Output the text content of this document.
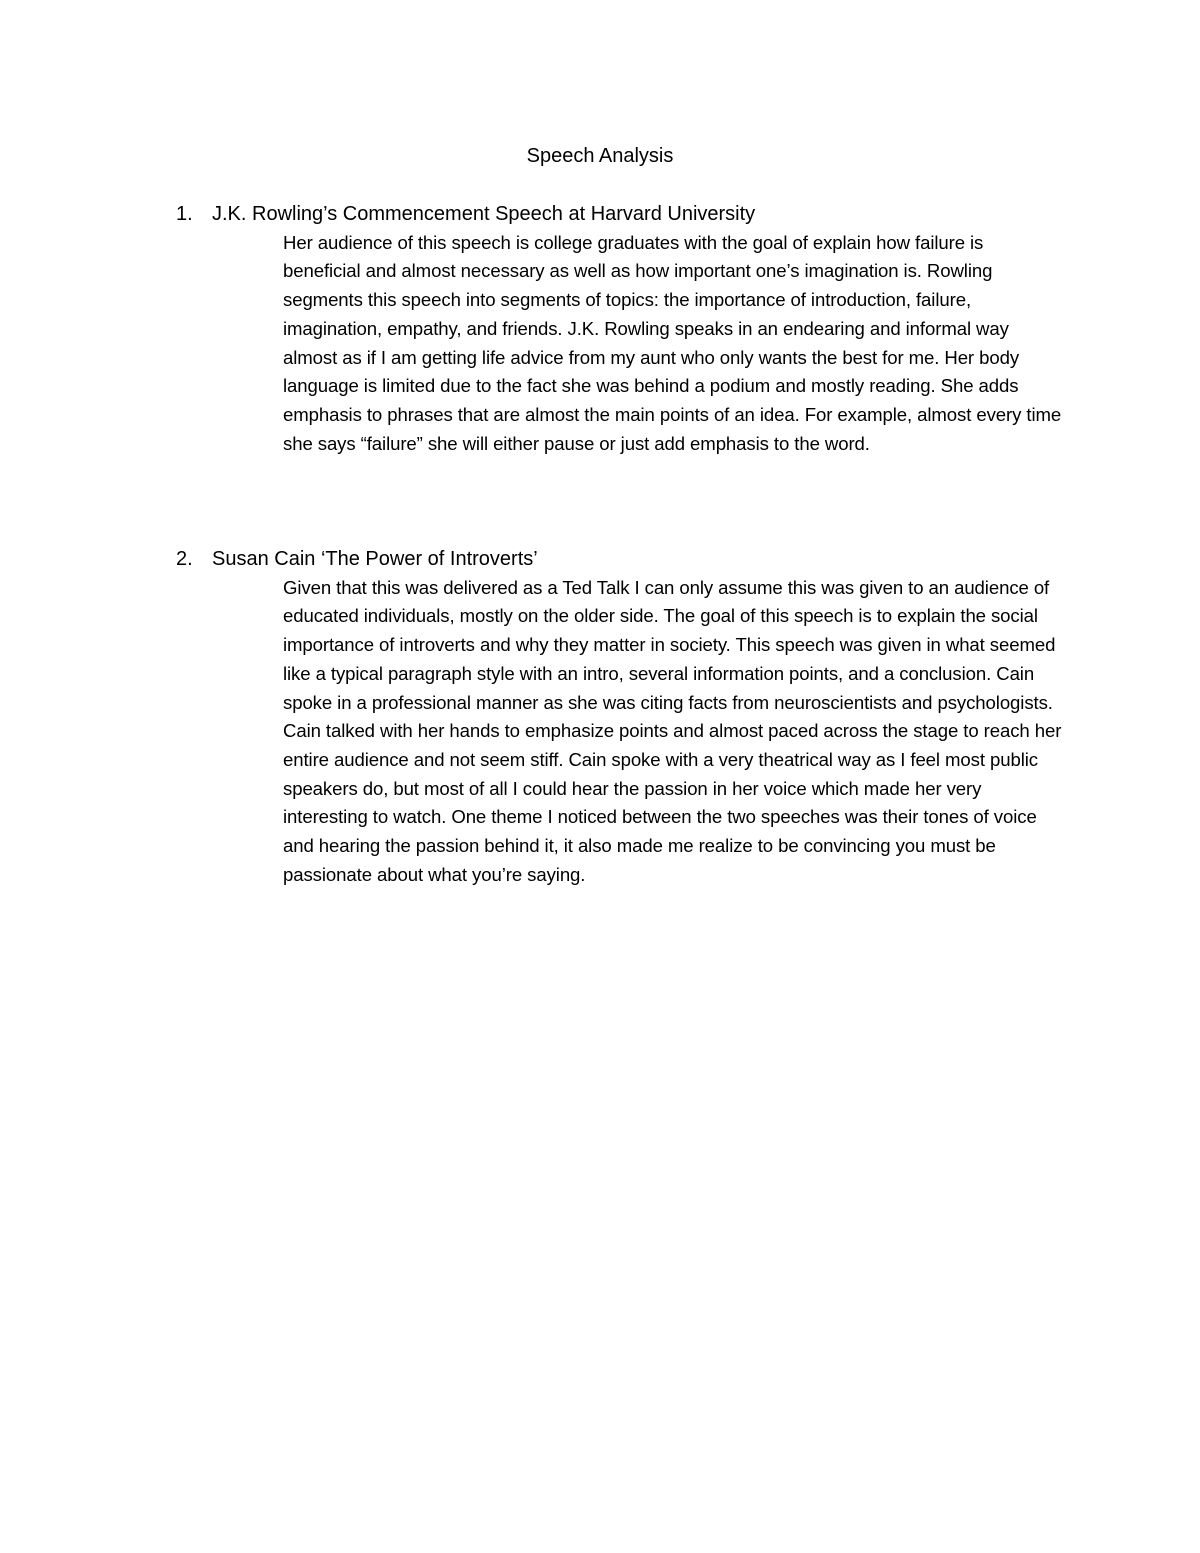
Speech Analysis
1. J.K. Rowling’s Commencement Speech at Harvard University

Her audience of this speech is college graduates with the goal of explain how failure is beneficial and almost necessary as well as how important one’s imagination is. Rowling segments this speech into segments of topics: the importance of introduction, failure, imagination, empathy, and friends. J.K. Rowling speaks in an endearing and informal way almost as if I am getting life advice from my aunt who only wants the best for me. Her body language is limited due to the fact she was behind a podium and mostly reading. She adds emphasis to phrases that are almost the main points of an idea. For example, almost every time she says “failure” she will either pause or just add emphasis to the word.

2. Susan Cain ‘The Power of Introverts’

Given that this was delivered as a Ted Talk I can only assume this was given to an audience of educated individuals, mostly on the older side. The goal of this speech is to explain the social importance of introverts and why they matter in society. This speech was given in what seemed like a typical paragraph style with an intro, several information points, and a conclusion. Cain spoke in a professional manner as she was citing facts from neuroscientists and psychologists. Cain talked with her hands to emphasize points and almost paced across the stage to reach her entire audience and not seem stiff. Cain spoke with a very theatrical way as I feel most public speakers do, but most of all I could hear the passion in her voice which made her very interesting to watch. One theme I noticed between the two speeches was their tones of voice and hearing the passion behind it, it also made me realize to be convincing you must be passionate about what you’re saying.
